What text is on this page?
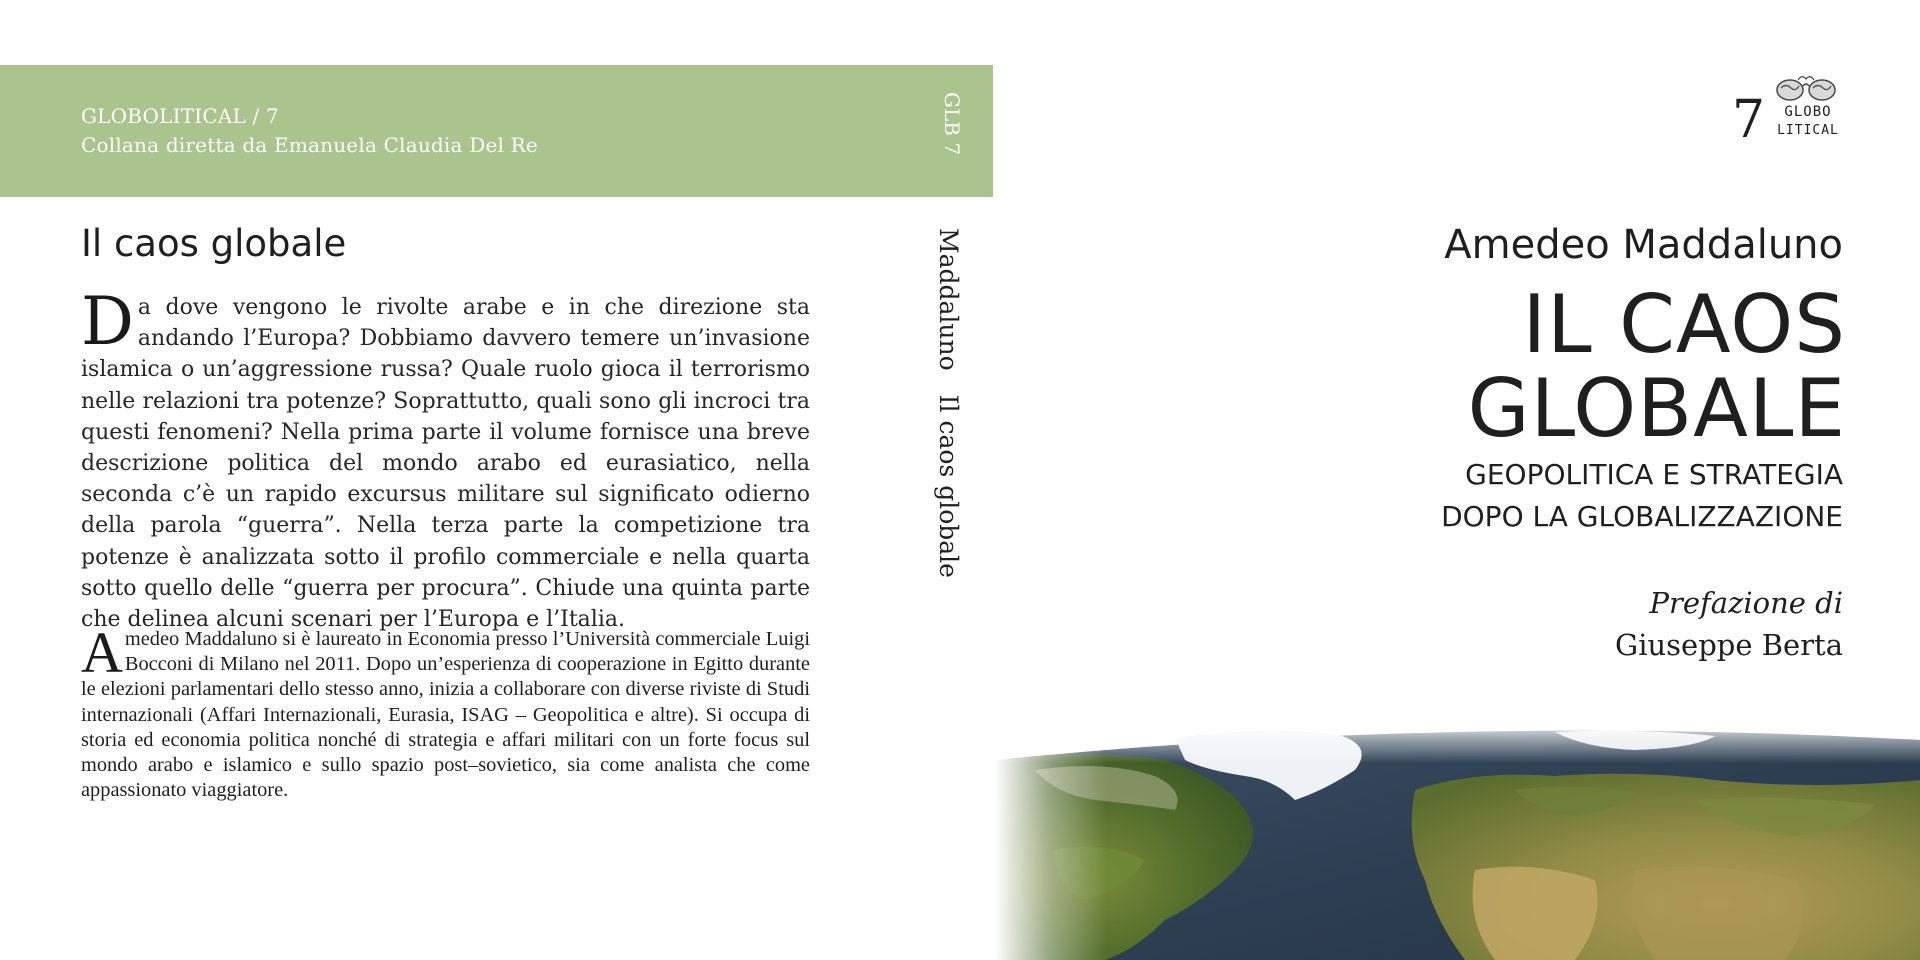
GLOBOLITICAL / 7
Collana diretta da Emanuela Claudia Del Re
Il caos globale

Da dove vengono le rivolte arabe e in che direzione sta andando l’Europa? Dobbiamo davvero temere un’invasione islamica o un’aggressione russa? Quale ruolo gioca il terrorismo nelle relazioni tra potenze? Soprattutto, quali sono gli incroci tra questi fenomeni? Nella prima parte il volume fornisce una breve descrizione politica del mondo arabo ed eurasiatico, nella seconda c’è un rapido excursus militare sul significato odierno della parola “guerra”. Nella terza parte la competizione tra potenze è analizzata sotto il profilo commerciale e nella quarta sotto quello delle “guerra per procura”. Chiude una quinta parte che delinea alcuni scenari per l’Europa e l’Italia.

Amedeo Maddaluno si è laureato in Economia presso l’Università commerciale Luigi Bocconi di Milano nel 2011. Dopo un’esperienza di cooperazione in Egitto durante le elezioni parlamentari dello stesso anno, inizia a collaborare con diverse riviste di Studi internazionali (Affari Internazionali, Eurasia, ISAG – Geopolitica e altre). Si occupa di storia ed economia politica nonché di strategia e affari militari con un forte focus sul mondo arabo e islamico e sullo spazio post–sovietico, sia come analista che come appassionato viaggiatore.

GLB 7
MaddalunoIl caos globale
7 GLOBO
LITICAL
Amedeo Maddaluno
IL CAOS
GLOBALE
GEOPOLITICA E STRATEGIA
DOPO LA GLOBALIZZAZIONE
Prefazione di
Giuseppe Berta
